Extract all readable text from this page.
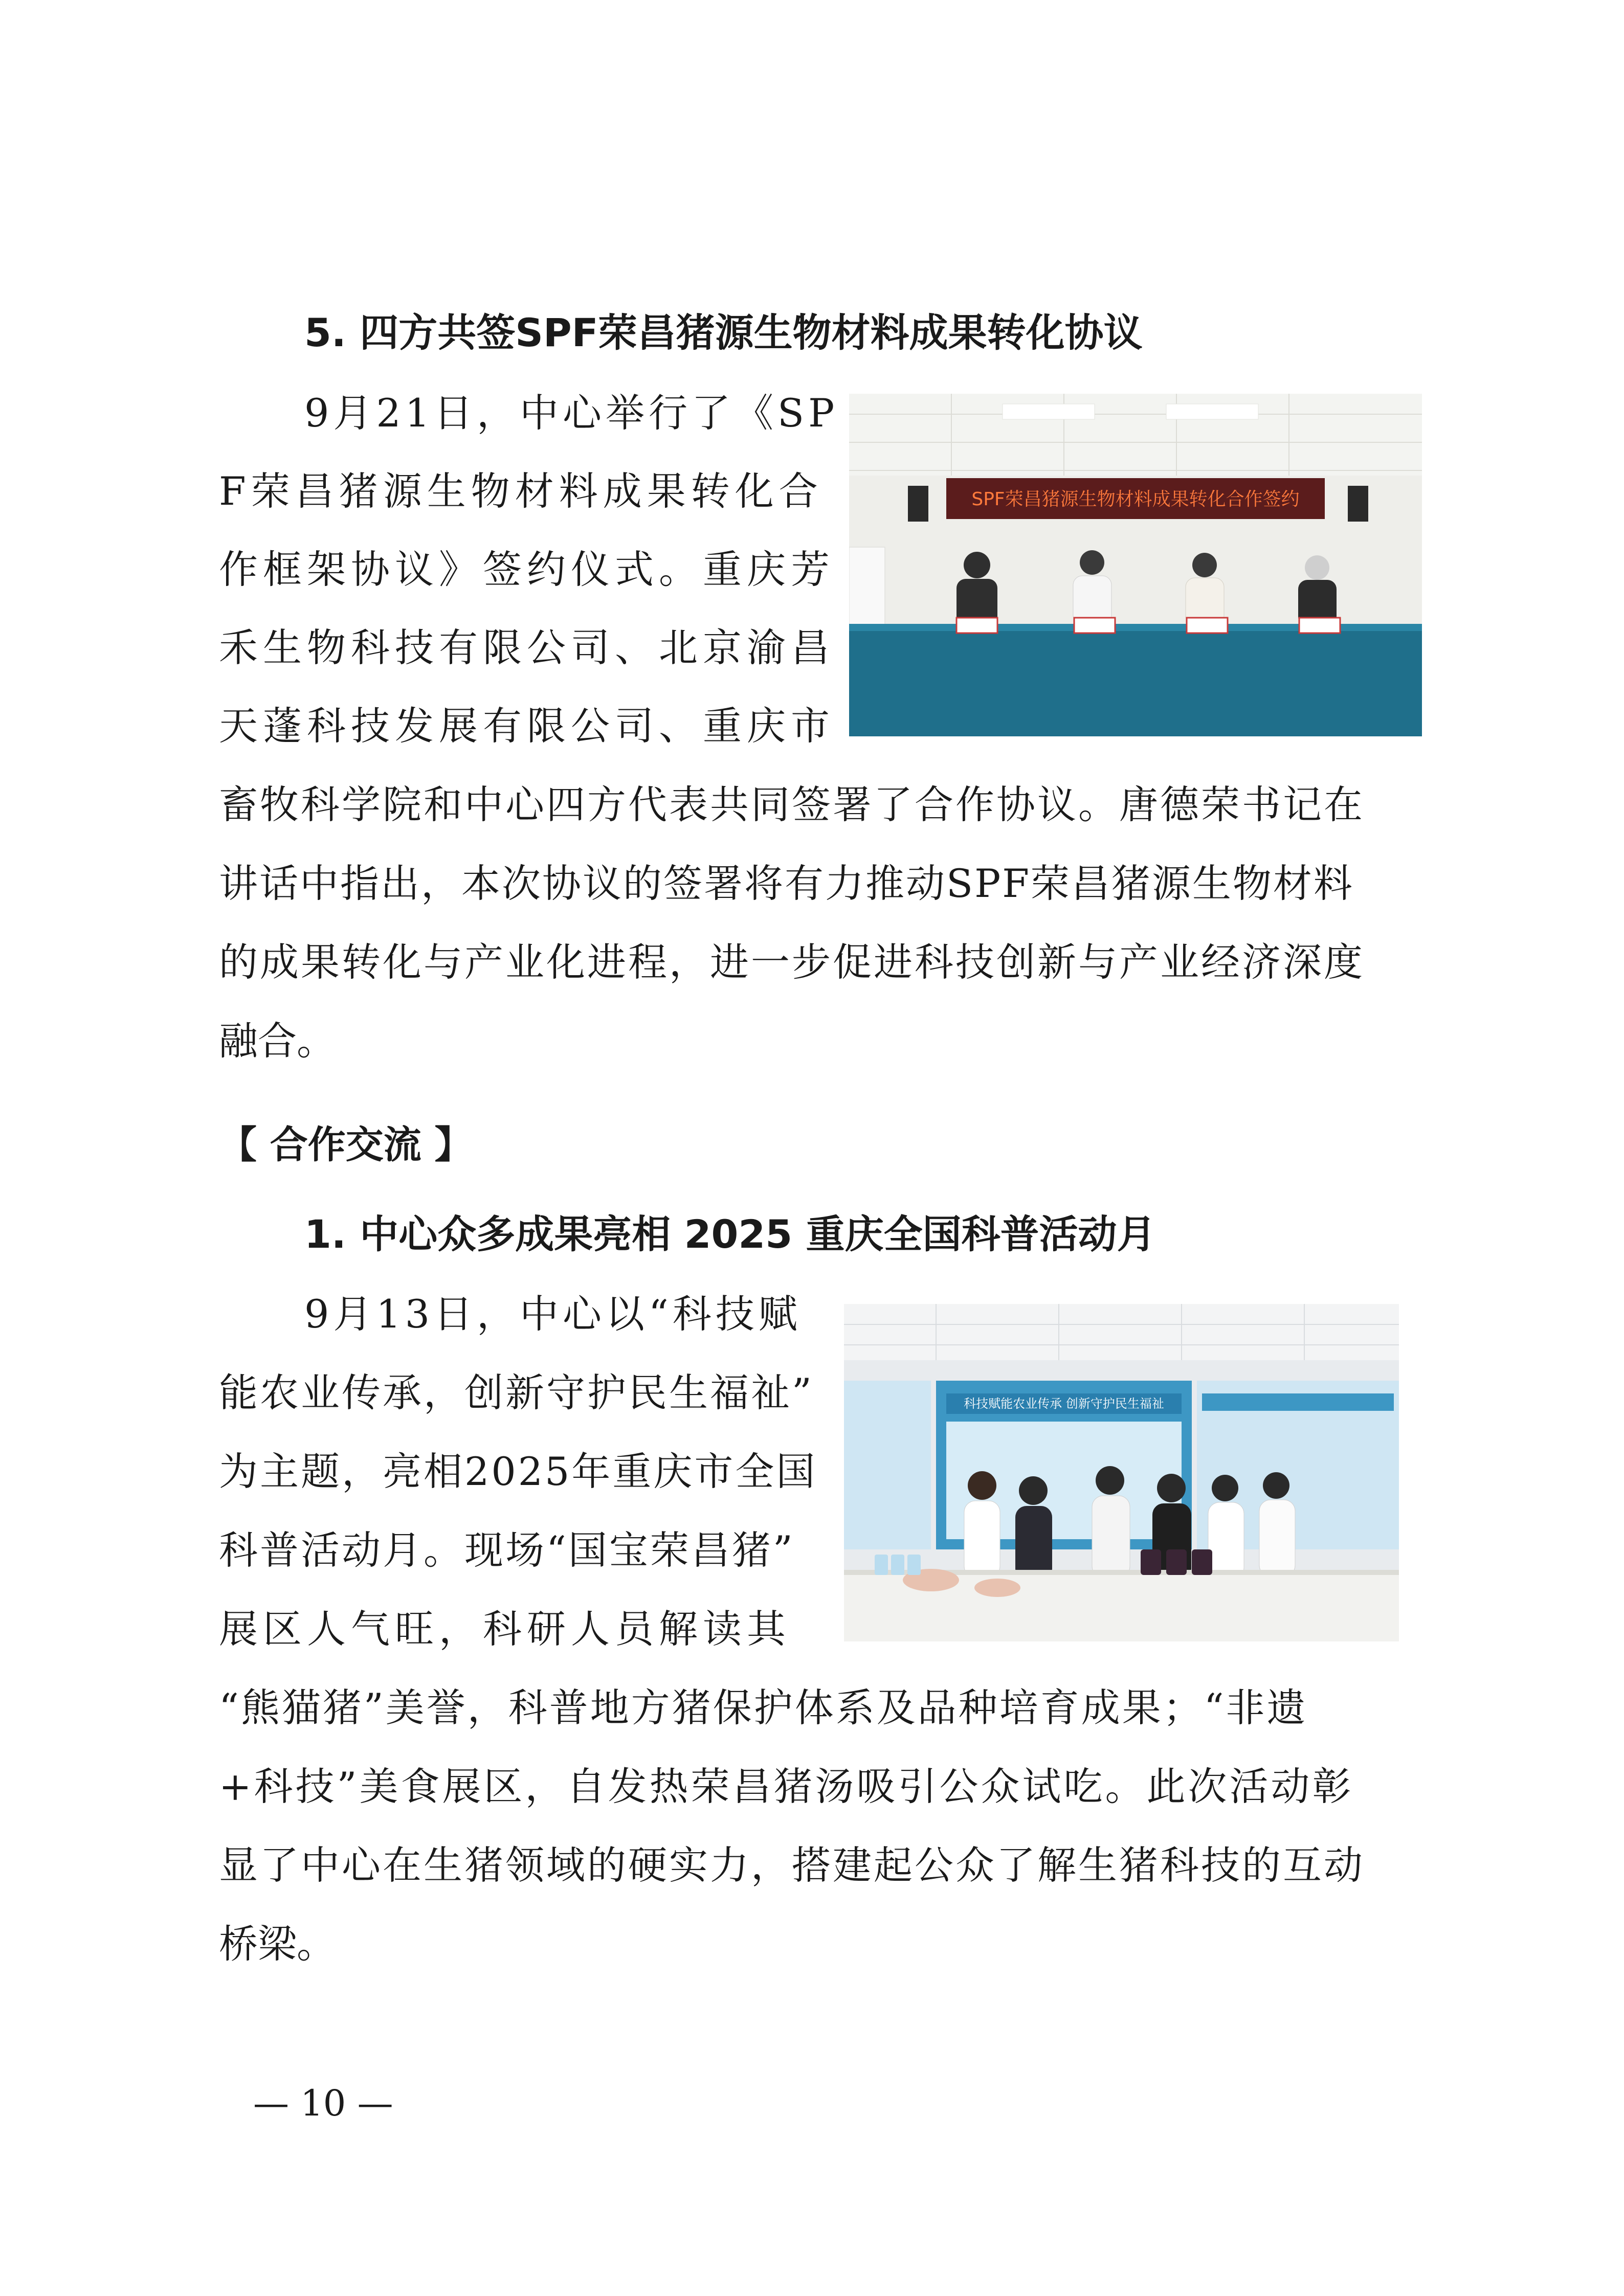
5. 四方共签SPF荣昌猪源生物材料成果转化协议

9月21日，中心举行了《SP

F荣昌猪源生物材料成果转化合

作框架协议》签约仪式。重庆芳

禾生物科技有限公司、北京渝昌

天蓬科技发展有限公司、重庆市

畜牧科学院和中心四方代表共同签署了合作协议。唐德荣书记在

讲话中指出，本次协议的签署将有力推动SPF荣昌猪源生物材料

的成果转化与产业化进程，进一步促进科技创新与产业经济深度

融合。

SPF荣昌猪源生物材料成果转化合作签约
【 合作交流 】

1. 中心众多成果亮相 2025 重庆全国科普活动月

9月13日，中心以“科技赋

能农业传承，创新守护民生福祉”

为主题，亮相2025年重庆市全国

科普活动月。现场“国宝荣昌猪”

展区人气旺，科研人员解读其

“熊猫猪”美誉，科普地方猪保护体系及品种培育成果；“非遗

+科技”美食展区，自发热荣昌猪汤吸引公众试吃。此次活动彰

显了中心在生猪领域的硬实力，搭建起公众了解生猪科技的互动

桥梁。

科技赋能农业传承 创新守护民生福祉
— 10 —
